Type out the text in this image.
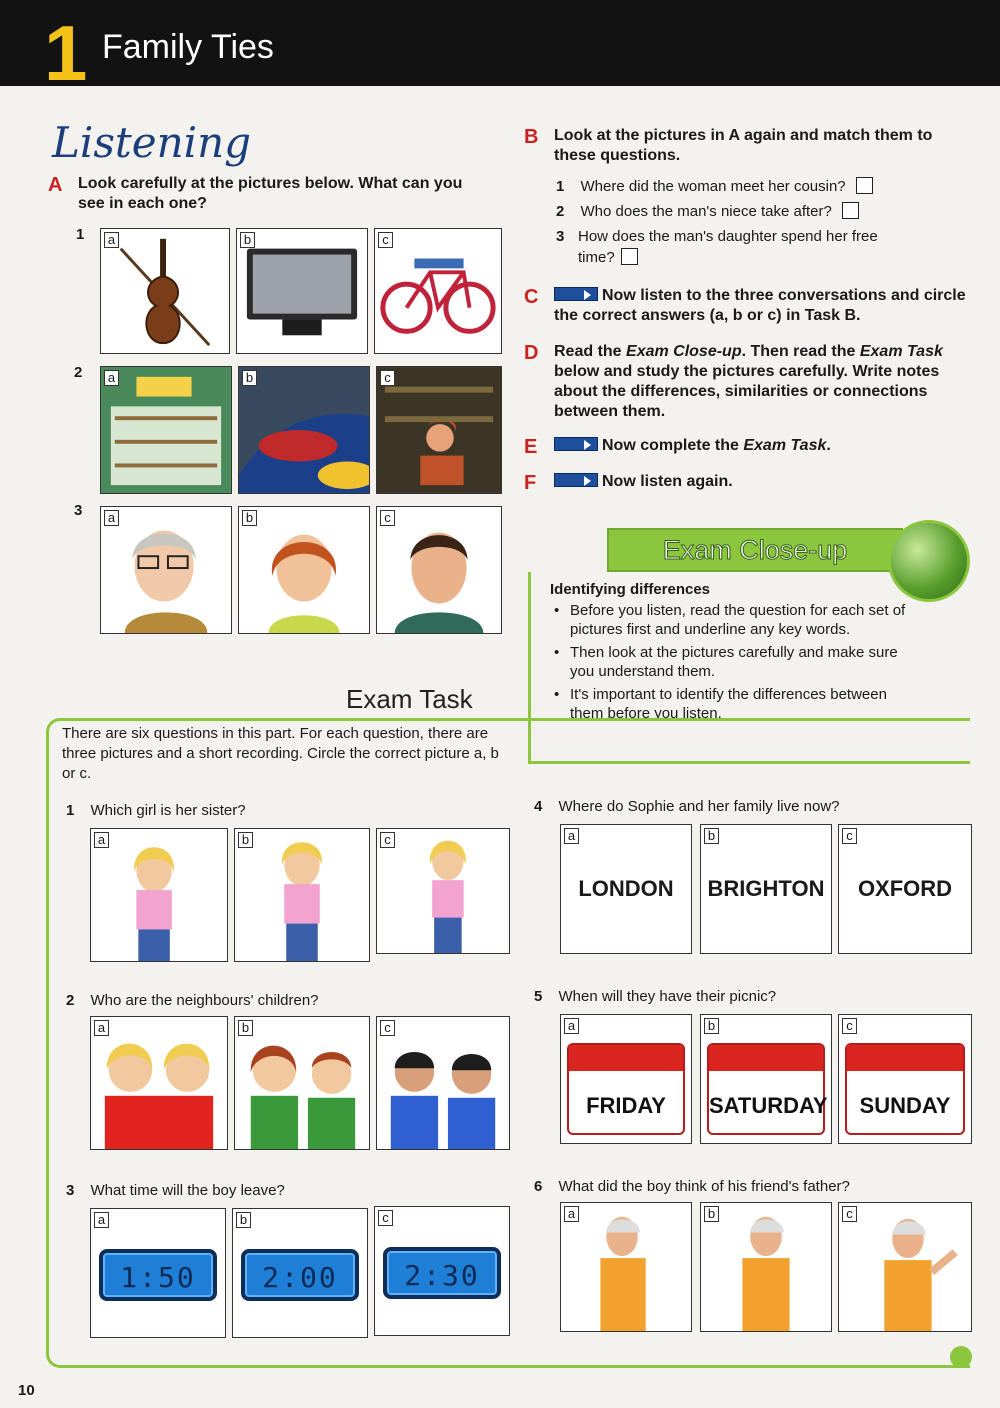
1 Family Ties
Listening
A Look carefully at the pictures below. What can you see in each one?
1 a	b	c
2 a	b	c
3 a	b	c
B Look at the pictures in A again and match them to these questions.
1 Where did the woman meet her cousin?
2 Who does the man's niece take after?
3 How does the man's daughter spend her free time?
C	Now listen to the three conversations and circle the correct answers (a, b or c) in Task B.
D Read the Exam Close-up. Then read the Exam Task below and study the pictures carefully. Write notes about the differences, similarities or connections between them.
E	Now complete the Exam Task.
F	Now listen again.
Exam Close-up
Identifying differences
• Before you listen, read the question for each set of pictures first and underline any key words.
• Then look at the pictures carefully and make sure you understand them.
• It's important to identify the differences between them before you listen.
Exam Task
There are six questions in this part. For each question, there are three pictures and a short recording. Circle the correct picture a, b or c.
1 Which girl is her sister?
a	b	c
2 Who are the neighbours' children?
a	b	c
3 What time will the boy leave?
a
1:50
b
2:00
c
2:30
4 Where do Sophie and her family live now?
a
LONDON
b
BRIGHTON
c
OXFORD
5 When will they have their picnic?
a
FRIDAY
b
SATURDAY
c
SUNDAY
6 What did the boy think of his friend's father?
a	b	c
10
